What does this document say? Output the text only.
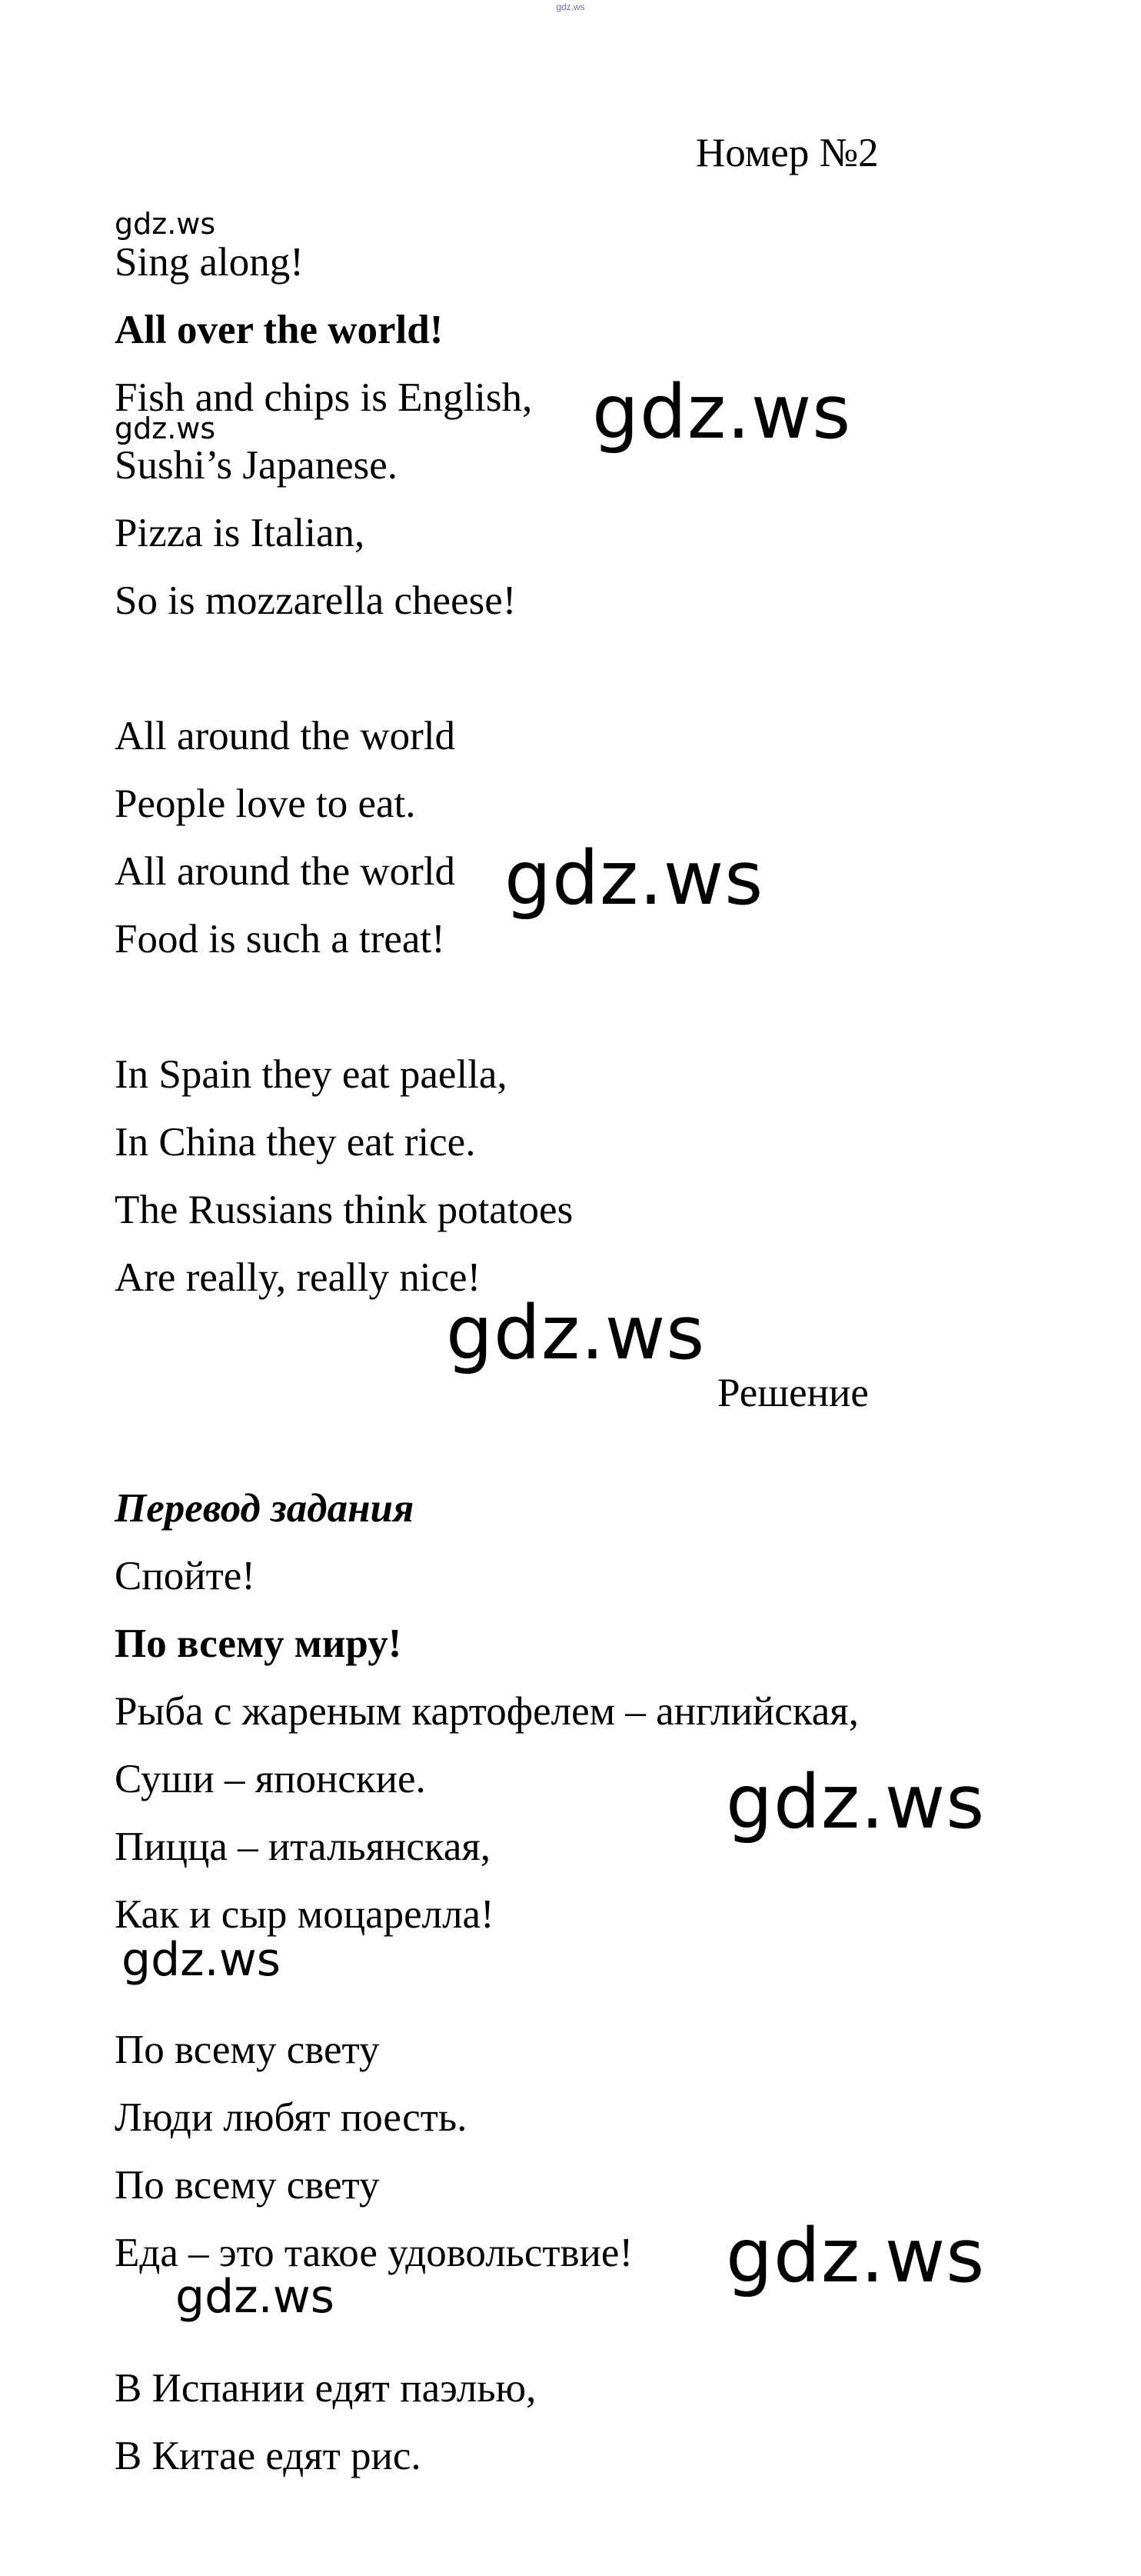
gdz.ws
Номер №2
Sing along!
All over the world!
Fish and chips is English,
Sushi’s Japanese.
Pizza is Italian,
So is mozzarella cheese!
All around the world
People love to eat.
All around the world
Food is such a treat!
In Spain they eat paella,
In China they eat rice.
The Russians think potatoes
Are really, really nice!
Решение
Перевод задания
Спойте!
По всему миру!
Рыба с жареным картофелем – английская,
Суши – японские.
Пицца – итальянская,
Как и сыр моцарелла!
По всему свету
Люди любят поесть.
По всему свету
Еда – это такое удовольствие!
В Испании едят паэлью,
В Китае едят рис.
gdz.ws
gdz.ws	gdz.ws
gdz.ws
gdz.ws
gdz.ws
gdz.ws
gdz.ws
gdz.ws
